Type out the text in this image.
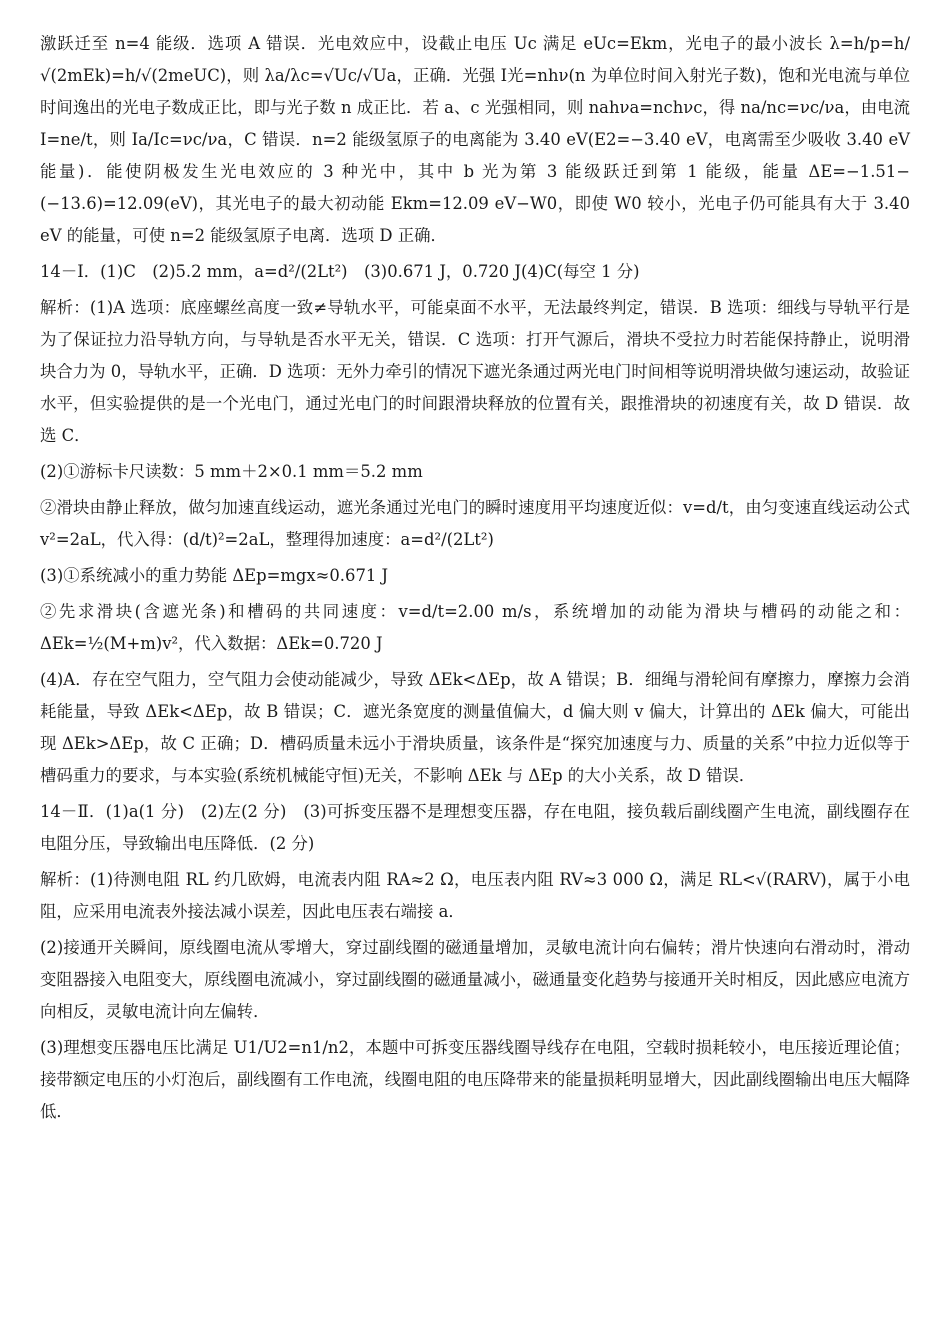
激跃迁至 n=4 能级．选项 A 错误．光电效应中，设截止电压 Uc 满足 eUc=Ekm，光电子的最小波长 λ=h/p=h/√(2mEk)=h/√(2meUC)，则 λa/λc=√Uc/√Ua，正确．光强 I光=nhν(n 为单位时间入射光子数)，饱和光电流与单位时间逸出的光电子数成正比，即与光子数 n 成正比．若 a、c 光强相同，则 nahνa=nchνc，得 na/nc=νc/νa，由电流 I=ne/t，则 Ia/Ic=νc/νa，C 错误．n=2 能级氢原子的电离能为 3.40 eV(E2=−3.40 eV，电离需至少吸收 3.40 eV 能量)．能使阴极发生光电效应的 3 种光中，其中 b 光为第 3 能级跃迁到第 1 能级，能量 ΔE=−1.51−(−13.6)=12.09(eV)，其光电子的最大初动能 Ekm=12.09 eV−W0，即使 W0 较小，光电子仍可能具有大于 3.40 eV 的能量，可使 n=2 能级氢原子电离．选项 D 正确．

14－Ⅰ．(1)C　(2)5.2 mm，a=d²/(2Lt²)　(3)0.671 J，0.720 J(4)C(每空 1 分)

解析：(1)A 选项：底座螺丝高度一致≠导轨水平，可能桌面不水平，无法最终判定，错误．B 选项：细线与导轨平行是为了保证拉力沿导轨方向，与导轨是否水平无关，错误．C 选项：打开气源后，滑块不受拉力时若能保持静止，说明滑块合力为 0，导轨水平，正确．D 选项：无外力牵引的情况下遮光条通过两光电门时间相等说明滑块做匀速运动，故验证水平，但实验提供的是一个光电门，通过光电门的时间跟滑块释放的位置有关，跟推滑块的初速度有关，故 D 错误．故选 C．

(2)①游标卡尺读数：5 mm＋2×0.1 mm＝5.2 mm

②滑块由静止释放，做匀加速直线运动，遮光条通过光电门的瞬时速度用平均速度近似：v=d/t，由匀变速直线运动公式 v²=2aL，代入得：(d/t)²=2aL，整理得加速度：a=d²/(2Lt²)

(3)①系统减小的重力势能 ΔEp=mgx≈0.671 J

②先求滑块(含遮光条)和槽码的共同速度：v=d/t=2.00 m/s，系统增加的动能为滑块与槽码的动能之和：ΔEk=½(M+m)v²，代入数据：ΔEk=0.720 J

(4)A．存在空气阻力，空气阻力会使动能减少，导致 ΔEk<ΔEp，故 A 错误；B．细绳与滑轮间有摩擦力，摩擦力会消耗能量，导致 ΔEk<ΔEp，故 B 错误；C．遮光条宽度的测量值偏大，d 偏大则 v 偏大，计算出的 ΔEk 偏大，可能出现 ΔEk>ΔEp，故 C 正确；D．槽码质量未远小于滑块质量，该条件是“探究加速度与力、质量的关系”中拉力近似等于槽码重力的要求，与本实验(系统机械能守恒)无关，不影响 ΔEk 与 ΔEp 的大小关系，故 D 错误．

14－Ⅱ．(1)a(1 分)　(2)左(2 分)　(3)可拆变压器不是理想变压器，存在电阻，接负载后副线圈产生电流，副线圈存在电阻分压，导致输出电压降低．(2 分)

解析：(1)待测电阻 RL 约几欧姆，电流表内阻 RA≈2 Ω，电压表内阻 RV≈3 000 Ω，满足 RL<√(RARV)，属于小电阻，应采用电流表外接法减小误差，因此电压表右端接 a．

(2)接通开关瞬间，原线圈电流从零增大，穿过副线圈的磁通量增加，灵敏电流计向右偏转；滑片快速向右滑动时，滑动变阻器接入电阻变大，原线圈电流减小，穿过副线圈的磁通量减小，磁通量变化趋势与接通开关时相反，因此感应电流方向相反，灵敏电流计向左偏转．

(3)理想变压器电压比满足 U1/U2=n1/n2，本题中可拆变压器线圈导线存在电阻，空载时损耗较小，电压接近理论值；接带额定电压的小灯泡后，副线圈有工作电流，线圈电阻的电压降带来的能量损耗明显增大，因此副线圈输出电压大幅降低．
